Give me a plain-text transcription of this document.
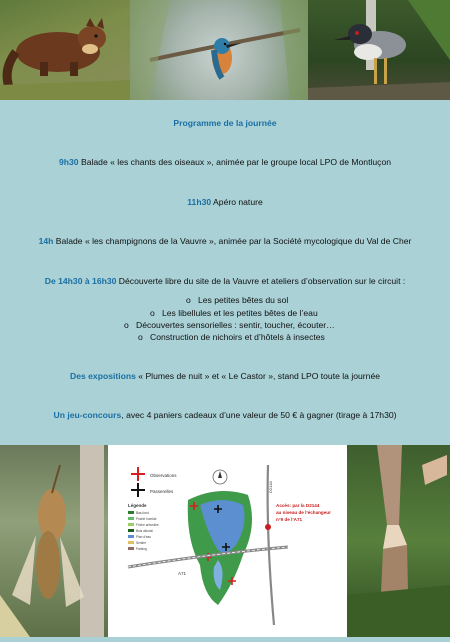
Programme de la journée
9h30 Balade « les chants des oiseaux », animée par le groupe local LPO de Montluçon
11h30 Apéro nature
14h Balade « les champignons de la Vauvre », animée par la Société mycologique du Val de Cher
De 14h30 à 16h30 Découverte libre du site de la Vauvre et ateliers d’observation sur le circuit :
o Les petites bêtes du sol
o Les libellules et les petites bêtes de l’eau
o Découvertes sensorielles : sentir, toucher, écouter…
o Construction de nichoirs et d’hôtels à insectes
Des expositions « Plumes de nuit » et « Le Castor », stand LPO toute la journée
Un jeu-concours, avec 4 paniers cadeaux d’une valeur de 50 € à gagner (tirage à 17h30)
Observations
Passerelles
Légende
Bas-fond
Prairie humide
Friche arbustive
Bois alluvial
Plan d’eau
Sentier
Parking
A71
D2144
Accès: par la D2144
au niveau de l’échangeur
n°9 de l’A71
